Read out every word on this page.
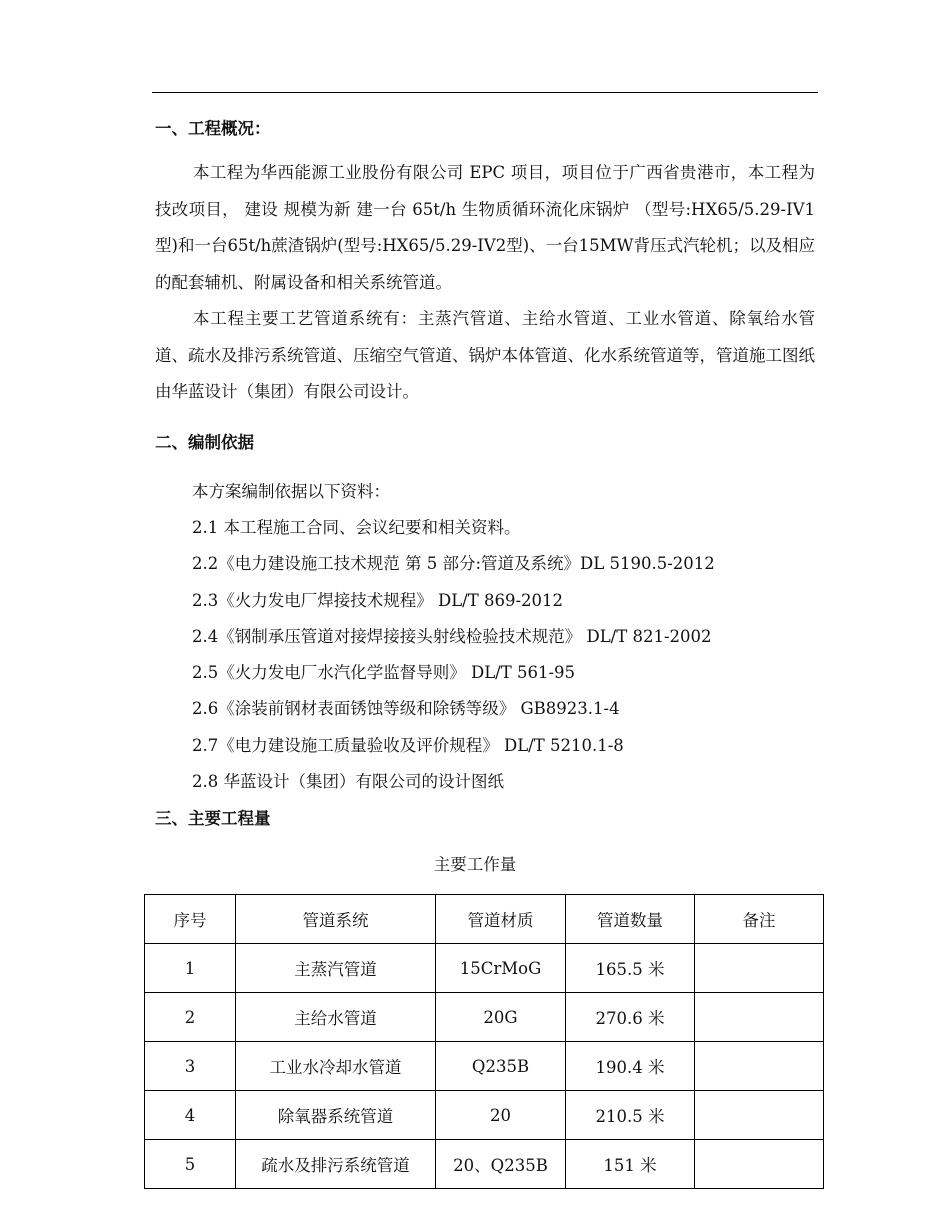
一、工程概况：

本工程为华西能源工业股份有限公司 EPC 项目，项目位于广西省贵港市，本工程为技改项目， 建设 规模为新 建一台 65t/h 生物质循环流化床锅炉 （型号:HX65/5.29-IV1 型)和一台65t/h蔗渣锅炉(型号:HX65/5.29-IV2型)、一台15MW背压式汽轮机；以及相应的配套辅机、附属设备和相关系统管道。

本工程主要工艺管道系统有：主蒸汽管道、主给水管道、工业水管道、除氧给水管道、疏水及排污系统管道、压缩空气管道、锅炉本体管道、化水系统管道等，管道施工图纸由华蓝设计（集团）有限公司设计。

二、编制依据
本方案编制依据以下资料：
2.1 本工程施工合同、会议纪要和相关资料。
2.2《电力建设施工技术规范 第 5 部分:管道及系统》DL 5190.5-2012
2.3《火力发电厂焊接技术规程》 DL/T 869-2012
2.4《钢制承压管道对接焊接接头射线检验技术规范》 DL/T 821-2002
2.5《火力发电厂水汽化学监督导则》 DL/T 561-95
2.6《涂装前钢材表面锈蚀等级和除锈等级》 GB8923.1-4
2.7《电力建设施工质量验收及评价规程》 DL/T 5210.1-8
2.8 华蓝设计（集团）有限公司的设计图纸
三、主要工程量
主要工作量
序号	管道系统	管道材质	管道数量	备注
1	主蒸汽管道	15CrMoG	165.5 米	
2	主给水管道	20G	270.6 米	
3	工业水冷却水管道	Q235B	190.4 米	
4	除氧器系统管道	20	210.5 米	
5	疏水及排污系统管道	20、Q235B	151 米	
